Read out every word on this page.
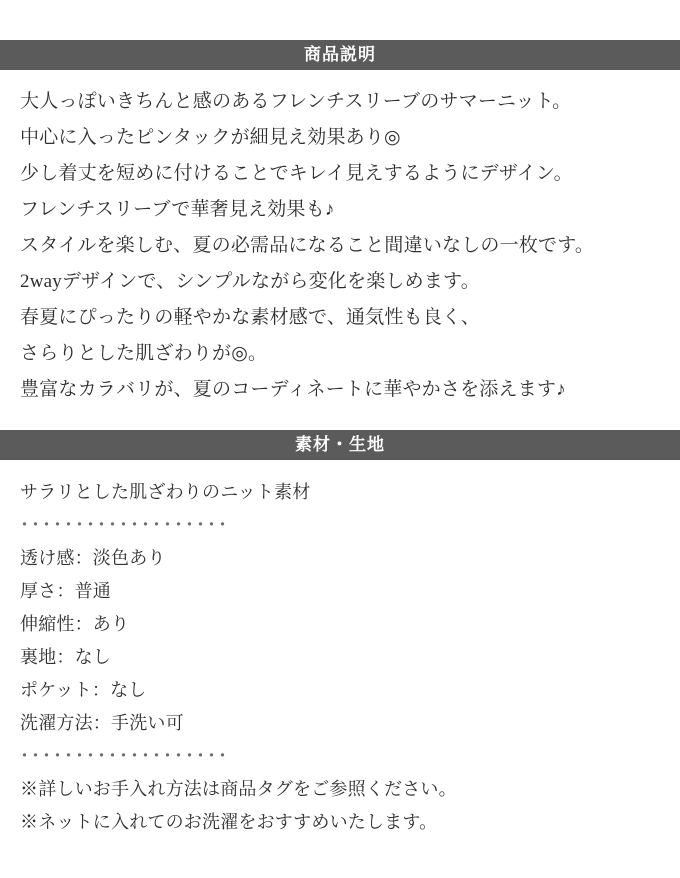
商品説明
大人っぽいきちんと感のあるフレンチスリーブのサマーニット。
中心に入ったピンタックが細見え効果あり◎
少し着丈を短めに付けることでキレイ見えするようにデザイン。
フレンチスリーブで華奢見え効果も♪
スタイルを楽しむ、夏の必需品になること間違いなしの一枚です。
2wayデザインで、シンプルながら変化を楽しめます。
春夏にぴったりの軽やかな素材感で、通気性も良く、
さらりとした肌ざわりが◎。
豊富なカラバリが、夏のコーディネートに華やかさを添えます♪
素材・生地
サラリとした肌ざわりのニット素材
･･･････････････････
透け感：淡色あり
厚さ：普通
伸縮性：あり
裏地：なし
ポケット：なし
洗濯方法：手洗い可
･･･････････････････
※詳しいお手入れ方法は商品タグをご参照ください。
※ネットに入れてのお洗濯をおすすめいたします。
